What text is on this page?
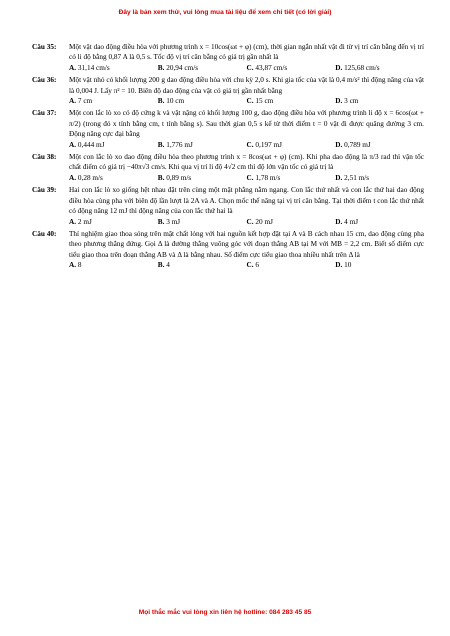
Đây là bản xem thử, vui lòng mua tài liệu để xem chi tiết (có lời giải)
Câu 35:	Một vật dao động điều hòa với phương trình x = 10cos(ωt + φ) (cm), thời gian ngắn nhất vật đi từ vị trí cân bằng đến vị trí có li độ bằng 0,87 A là 0,5 s. Tốc độ vị trí cân bằng có giá trị gần nhất là
A. 31,14 cm/s	B. 20,94 cm/s	C. 43,87 cm/s	D. 125,68 cm/s
Câu 36:	Một vật nhỏ có khối lượng 200 g dao động điều hòa với chu kỳ 2,0 s. Khi gia tốc của vật là 0,4 m/s² thì động năng của vật là 0,004 J. Lấy π² = 10. Biên độ dao động của vật có giá trị gần nhất bằng
A. 7 cm	B. 10 cm	C. 15 cm	D. 3 cm
Câu 37:	Một con lắc lò xo có độ cứng k và vật nặng có khối lượng 100 g, dao động điều hòa với phương trình li độ x = 6cos(ωt + π/2) (trong đó x tính bằng cm, t tính bằng s). Sau thời gian 0,5 s kể từ thời điểm t = 0 vật đi được quãng đường 3 cm. Động năng cực đại bằng
A. 0,444 mJ	B. 1,776 mJ	C. 0,197 mJ	D. 0,789 mJ
Câu 38:	Một con lắc lò xo dao động điều hòa theo phương trình x = 8cos(ωt + φ) (cm). Khi pha dao động là π/3 rad thì vận tốc chất điểm có giá trị −40π√3 cm/s. Khi qua vị trí li độ 4√2 cm thì độ lớn vận tốc có giá trị là
A. 0,28 m/s	B. 0,89 m/s	C. 1,78 m/s	D. 2,51 m/s
Câu 39:	Hai con lắc lò xo giống hệt nhau đặt trên cùng một mặt phẳng nằm ngang. Con lắc thứ nhất và con lắc thứ hai dao động điều hòa cùng pha với biên độ lần lượt là 2A và A. Chọn mốc thế năng tại vị trí cân bằng. Tại thời điểm t con lắc thứ nhất có động năng 12 mJ thì động năng của con lắc thứ hai là
A. 2 mJ	B. 3 mJ	C. 20 mJ	D. 4 mJ
Câu 40:	Thí nghiệm giao thoa sóng trên mặt chất lỏng với hai nguồn kết hợp đặt tại A và B cách nhau 15 cm, dao động cùng pha theo phương thẳng đứng. Gọi Δ là đường thẳng vuông góc với đoạn thẳng AB tại M với MB = 2,2 cm. Biết số điểm cực tiểu giao thoa trên đoạn thẳng AB và Δ là bằng nhau. Số điểm cực tiểu giao thoa nhiều nhất trên Δ là
A. 8	B. 4	C. 6	D. 10
Mọi thắc mắc vui lòng xin liên hệ hotline: 084 283 45 85
